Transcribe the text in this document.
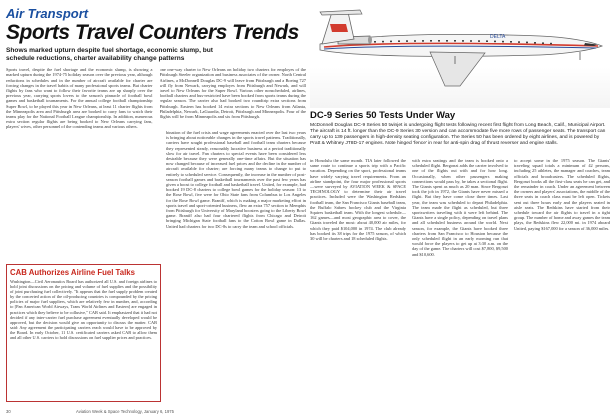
Air Transport
Sports Travel Counters Trends
Shows marked upturn despite fuel shortage, economic slump, but schedule reductions, charter availability change patterns
Sports travel, despite the fuel shortage and the economic slump, is showing a marked upturn during the 1974-75 holiday season over the previous year, although reductions in schedules and in the number of aircraft available for charter are forcing changes in the travel habits of many professional sports teams. But charter flights by fans who want to follow their favorite teams are up sharply over the previous year, carrying sports lovers to the season's pinnacle of football bowl games and basketball tournaments. For the annual college football championship Super Bowl, to be played this year in New Orleans, at least 11 charter flights from the Minneapolis area and Pittsburgh area are booked to carry fans to watch their teams play for the National Football League championship. In addition, numerous extra section regular flights are being booked to New Orleans carrying fans, players' wives, other personnel of the contending teams and various others.
one one-way charter to New Orleans on holiday two charters for employes of the Pittsburgh Steeler organization and business associates of the owner. North Central Airlines, a McDonnell Douglas DC-9 will leave from Pittsburgh and a Boeing 727 will fly from Newark, carrying employes from Pittsburgh and Newark, and will travel to New Orleans for the Super Bowl. Various other nonscheduled, airlines, football charters and bus-restricted have been booked from sports teams during the regular season. The carrier also had booked two roundtrip extra sections from Pittsburgh. Eastern has booked 14 extra sections to New Orleans from Atlanta, Philadelphia, Newark, LaGuardia, Detroit, Pittsburgh and Minneapolis. Four of the flights will be from Minneapolis and six from Pittsburgh.
bination of the fuel crisis and wage agreements enacted over the last two years is bringing about noticeable changes in the sports travel patterns. Traditionally, carriers have sought professional baseball and football team charters because they represented steady, reasonably lucrative business at a period traditionally slow for air travel. Fan charters to special events have been considered less desirable because they were generally one-time affairs. But the situation has now changed because of increased fuel prices and the decline in the number of aircraft available for charter; are forcing many teams to change to put to entirely to scheduled service. Consequently, the increase in the number of post-season football games and basketball tournaments over the past few years has given a boost to college football and basketball travel. United, for example, had booked 19 DC-8 charters to college bowl games for the holiday season: 13 to the Rose Bowl, five were for Ohio State fans from Columbus to Los Angeles for the Rose Bowl game. Braniff, which is making a major marketing effort in sports travel and sport-oriented business, flew an extra 757 section to Memphis from Pittsburgh for University of Maryland boosters going to the Liberty Bowl game. Braniff also had four chartered flights from Chicago and Detroit bringing Michigan State football fans to the Cotton Bowl game in Dallas. United had charters for two DC-8s to carry the team and school officials.
CAB Authorizes Airline Fuel Talks
Washington—Civil Aeronautics Board has authorized all U.S. and foreign airlines to hold joint discussions on the pricing and volume of fuel supplies and the possibility of joint purchasing fuel collectively. "It appears that the fuel supply problem created by the concerted action of the oil-producing countries is compounded by the pricing policies of major fuel suppliers, which are relatively few in number, and, according to [Pan American World Airways, Trans World Airlines and Eastern] are engaged in practices which they believe to be collusive," CAB said. It emphasized that it had not decided if any inter-carrier fuel purchase agreement eventually developed would be approved, but the decision would give an opportunity to discuss the matter. CAB said: Any agreement the participating carriers reach would have to be approved by the Board. In early October, 11 U.S. certificated carriers asked CAB to allow them and all other U.S. carriers to hold discussions on fuel supplier prices and practices.
30	Aviation Week & Space Technology, January 6, 1975
DELTA
DC-9 Series 50 Tests Under Way
McDonnell Douglas DC-9 Series 50 twinjet is undergoing flight tests following recent first flight from Long Beach, Calif., Municipal Airport. The aircraft is 14 ft. longer than the DC-9 Series 30 version and can accommodate five more rows of passenger seats. The transport can carry up to 139 passengers in high-density seating configuration. The Series 50 has been ordered by eight airlines, and is powered by Pratt & Whitney JT8D-17 engines. Note hinged 'fence' in rear for anti-spin drag of thrust reverser and engine stalls.
in Honolulu the same month. TIA later followed the same route to continue a sports trip with a Pacific vacation. Depending on the sport, professional teams have widely varying travel requirements. From an airline standpoint, the four major professional sports—were surveyed by AVIATION WEEK & SPACE TECHNOLOGY to determine their air travel practices. Included were the Washington Redskins football team, the San Francisco Giants baseball team, the Buffalo Sabres hockey club and the Virginia Squires basketball team. With the longest schedule—162 games—and most geographic area to cover, the Giants traveled the most: about 40,000 air miles, for which they paid $104,000 in 1974. The club already has booked its 38 trips for the 1975 season, of which 30 will be charters and 18 scheduled flights.
with extra seatings and the team is booked onto a scheduled flight. Bergonzi adds the carrier involved to one of the flights out with and for how long. Occasionally, when other passengers making connections would pass by, he takes a sectional flight. The Giants spent as much as 20 man. Since Bergonzi took the job in 1972, the Giants have never missed a flight. But they have come close three times. Last year, the team was scheduled to depart Philadelphia. The team made the flight as scheduled, but three sportswriters traveling with it were left behind. The Giants have a single policy, depending on travel plans and all scheduled business around the world. Next season, for example, the Giants have booked three charters from San Francisco to Houston because the only scheduled flight in an early morning run that would force the players to get up at 3:30 a.m. on the day of the game. The charters will cost $7,800, $9,500 and $10,600.
to accept some in the 1975 season. The Giants' traveling squad totals a minimum of 42 persons, including 25 athletes, the manager and coaches, team officials and broadcasters. The scheduled flights, Bergonzi books all the first-class seats he can get, and the remainder in coach. Under an agreement between the owners and players' associations, the middle of the three seats in coach class must be left open. Tickets sent out three hours early and the players seated in aisle seats. The Redskins have started from their schedule toward the air flights to travel in a tight group. The number of home and away games the team plays, the Redskins flew 22,000 mi. in 1974 aboard United, paying $167,000 for a season of 36,000 miles.
